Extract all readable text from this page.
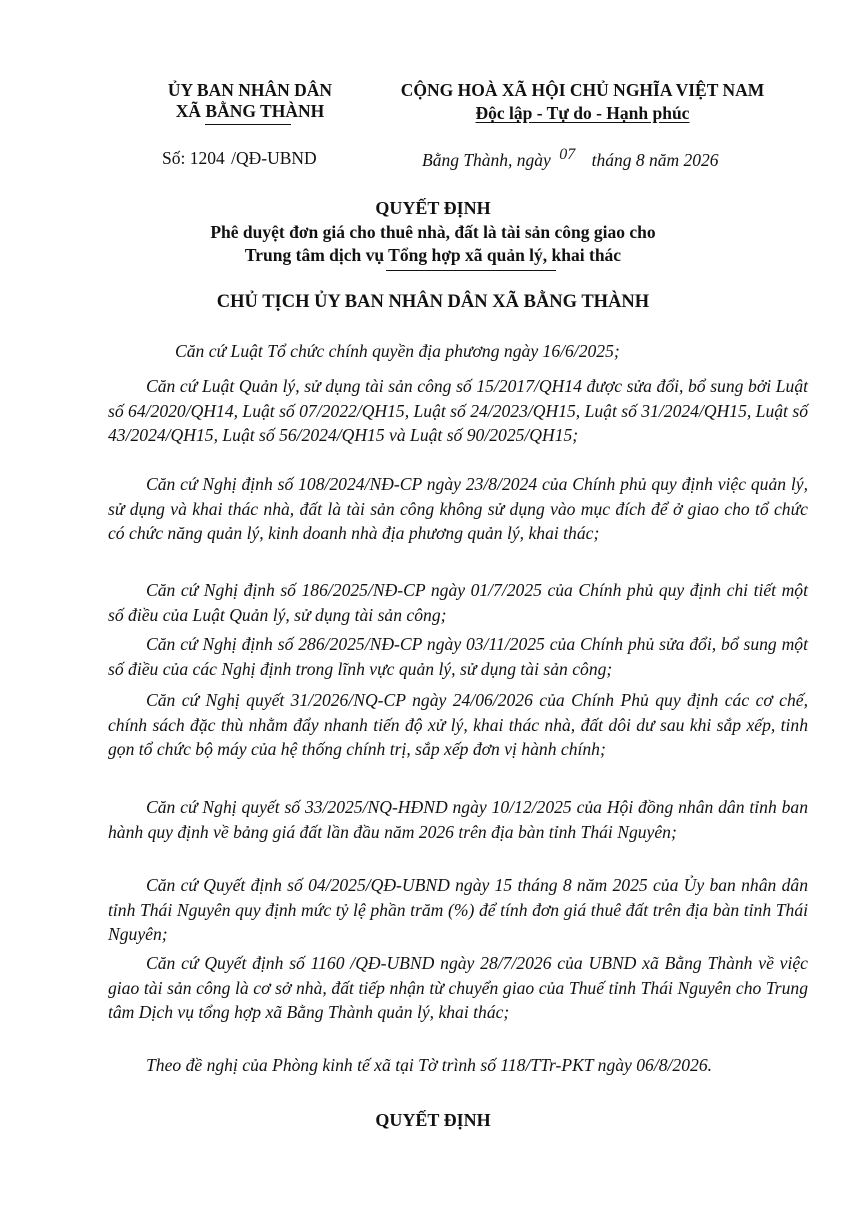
ỦY BAN NHÂN DÂN
XÃ BẰNG THÀNH
CỘNG HOÀ XÃ HỘI CHỦ NGHĨA VIỆT NAM
Độc lập - Tự do - Hạnh phúc
Số: 1204 /QĐ-UBND	Bằng Thành, ngày 07 tháng 8 năm 2026
QUYẾT ĐỊNH
Phê duyệt đơn giá cho thuê nhà, đất là tài sản công giao cho
Trung tâm dịch vụ Tổng hợp xã quản lý, khai thác
CHỦ TỊCH ỦY BAN NHÂN DÂN XÃ BẰNG THÀNH
Căn cứ Luật Tổ chức chính quyền địa phương ngày 16/6/2025;
Căn cứ Luật Quản lý, sử dụng tài sản công số 15/2017/QH14 được sửa đổi, bổ sung bởi Luật số 64/2020/QH14, Luật số 07/2022/QH15, Luật số 24/2023/QH15, Luật số 31/2024/QH15, Luật số 43/2024/QH15, Luật số 56/2024/QH15 và Luật số 90/2025/QH15;
Căn cứ Nghị định số 108/2024/NĐ-CP ngày 23/8/2024 của Chính phủ quy định việc quản lý, sử dụng và khai thác nhà, đất là tài sản công không sử dụng vào mục đích để ở giao cho tổ chức có chức năng quản lý, kinh doanh nhà địa phương quản lý, khai thác;
Căn cứ Nghị định số 186/2025/NĐ-CP ngày 01/7/2025 của Chính phủ quy định chi tiết một số điều của Luật Quản lý, sử dụng tài sản công;
Căn cứ Nghị định số 286/2025/NĐ-CP ngày 03/11/2025 của Chính phủ sửa đổi, bổ sung một số điều của các Nghị định trong lĩnh vực quản lý, sử dụng tài sản công;
Căn cứ Nghị quyết 31/2026/NQ-CP ngày 24/06/2026 của Chính Phủ quy định các cơ chế, chính sách đặc thù nhằm đẩy nhanh tiến độ xử lý, khai thác nhà, đất dôi dư sau khi sắp xếp, tinh gọn tổ chức bộ máy của hệ thống chính trị, sắp xếp đơn vị hành chính;
Căn cứ Nghị quyết số 33/2025/NQ-HĐND ngày 10/12/2025 của Hội đồng nhân dân tỉnh ban hành quy định về bảng giá đất lần đầu năm 2026 trên địa bàn tỉnh Thái Nguyên;
Căn cứ Quyết định số 04/2025/QĐ-UBND ngày 15 tháng 8 năm 2025 của Ủy ban nhân dân tỉnh Thái Nguyên quy định mức tỷ lệ phần trăm (%) để tính đơn giá thuê đất trên địa bàn tỉnh Thái Nguyên;
Căn cứ Quyết định số 1160 /QĐ-UBND ngày 28/7/2026 của UBND xã Bằng Thành về việc giao tài sản công là cơ sở nhà, đất tiếp nhận từ chuyển giao của Thuế tỉnh Thái Nguyên cho Trung tâm Dịch vụ tổng hợp xã Bằng Thành quản lý, khai thác;
Theo đề nghị của Phòng kinh tế xã tại Tờ trình số 118/TTr-PKT ngày 06/8/2026.
QUYẾT ĐỊNH
